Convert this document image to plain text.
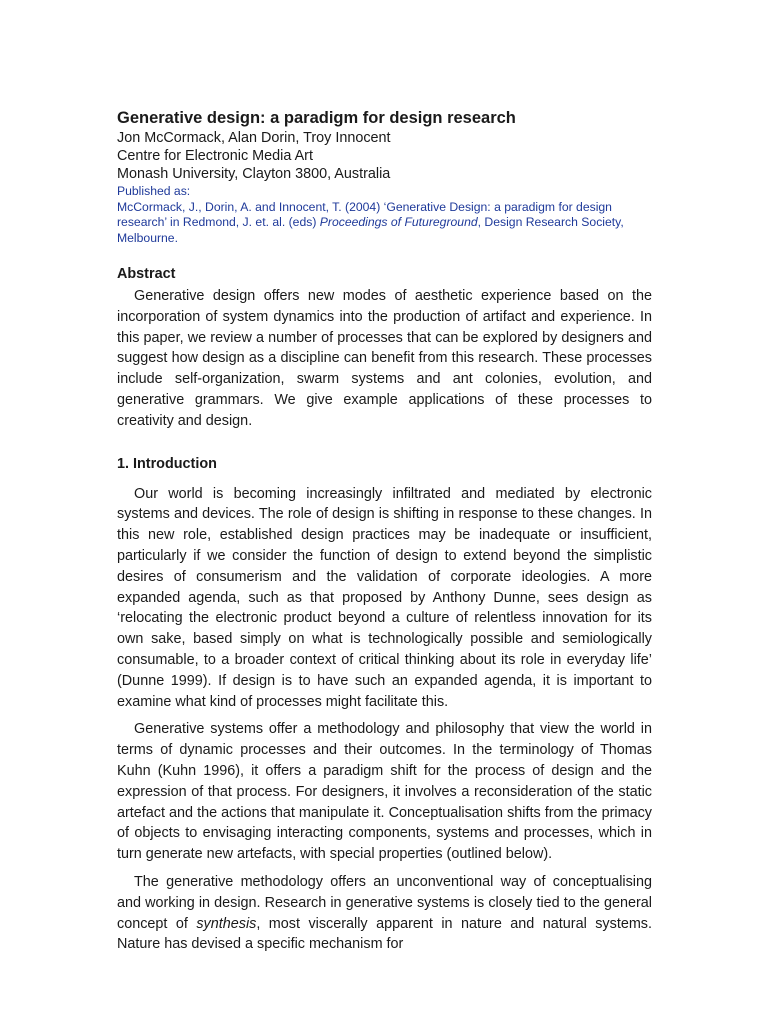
Generative design: a paradigm for design research

Jon McCormack, Alan Dorin, Troy Innocent

Centre for Electronic Media Art

Monash University, Clayton 3800, Australia

Published as:
McCormack, J., Dorin, A. and Innocent, T. (2004) ‘Generative Design: a paradigm for design research’ in Redmond, J. et. al. (eds) Proceedings of Futureground, Design Research Society, Melbourne.
Abstract

Generative design offers new modes of aesthetic experience based on the incorporation of system dynamics into the production of artifact and experience. In this paper, we review a number of processes that can be explored by designers and suggest how design as a discipline can benefit from this research. These processes include self-organization, swarm systems and ant colonies, evolution, and generative grammars. We give example applications of these processes to creativity and design.

1. Introduction

Our world is becoming increasingly infiltrated and mediated by electronic systems and devices. The role of design is shifting in response to these changes. In this new role, established design practices may be inadequate or insufficient, particularly if we consider the function of design to extend beyond the simplistic desires of consumerism and the validation of corporate ideologies. A more expanded agenda, such as that proposed by Anthony Dunne, sees design as ‘relocating the electronic product beyond a culture of relentless innovation for its own sake, based simply on what is technologically possible and semiologically consumable, to a broader context of critical thinking about its role in everyday life’ (Dunne 1999). If design is to have such an expanded agenda, it is important to examine what kind of processes might facilitate this.

Generative systems offer a methodology and philosophy that view the world in terms of dynamic processes and their outcomes. In the terminology of Thomas Kuhn (Kuhn 1996), it offers a paradigm shift for the process of design and the expression of that process. For designers, it involves a reconsideration of the static artefact and the actions that manipulate it. Conceptualisation shifts from the primacy of objects to envisaging interacting components, systems and processes, which in turn generate new artefacts, with special properties (outlined below).

The generative methodology offers an unconventional way of conceptualising and working in design. Research in generative systems is closely tied to the general concept of synthesis, most viscerally apparent in nature and natural systems. Nature has devised a specific mechanism for
